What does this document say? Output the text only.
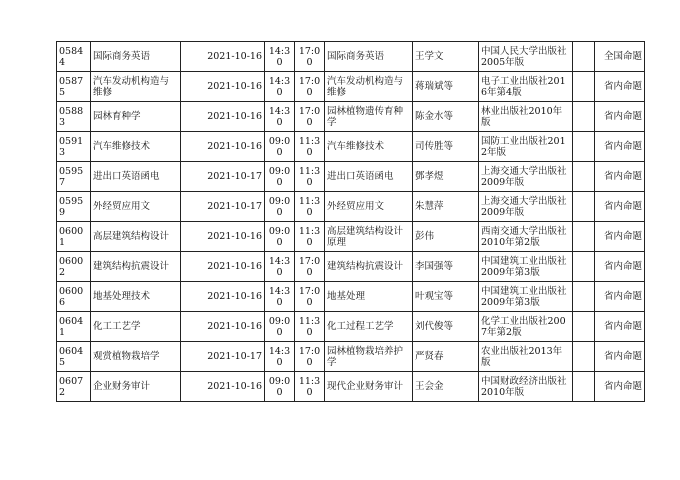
05844	国际商务英语	2021-10-16	14:30	17:00	国际商务英语	王学文	中国人民大学出版社2005年版		全国命题
05875	汽车发动机构造与维修	2021-10-16	14:30	17:00	汽车发动机构造与维修	蒋瑞斌等	电子工业出版社2016年第4版		省内命题
05883	园林育种学	2021-10-16	14:30	17:00	园林植物遗传育种学	陈金水等	林业出版社2010年版		省内命题
05913	汽车维修技术	2021-10-16	09:00	11:30	汽车维修技术	司传胜等	国防工业出版社2012年版		省内命题
05957	进出口英语函电	2021-10-17	09:00	11:30	进出口英语函电	鄧孝煜	上海交通大学出版社2009年版		省内命题
05959	外经贸应用文	2021-10-17	09:00	11:30	外经贸应用文	朱慧萍	上海交通大学出版社2009年版		省内命题
06001	高层建筑结构设计	2021-10-16	09:00	11:30	高层建筑结构设计原理	彭伟	西南交通大学出版社2010年第2版		省内命题
06002	建筑结构抗震设计	2021-10-16	14:30	17:00	建筑结构抗震设计	李国强等	中国建筑工业出版社2009年第3版		省内命题
06006	地基处理技术	2021-10-16	14:30	17:00	地基处理	叶观宝等	中国建筑工业出版社2009年第3版		省内命题
06041	化工工艺学	2021-10-16	09:00	11:30	化工过程工艺学	刘代俊等	化学工业出版社2007年第2版		省内命题
06045	观赏植物栽培学	2021-10-17	14:30	17:00	园林植物栽培养护学	严贤春	农业出版社2013年版		省内命题
06072	企业财务审计	2021-10-16	09:00	11:30	现代企业财务审计	王会金	中国财政经济出版社2010年版		省内命题
